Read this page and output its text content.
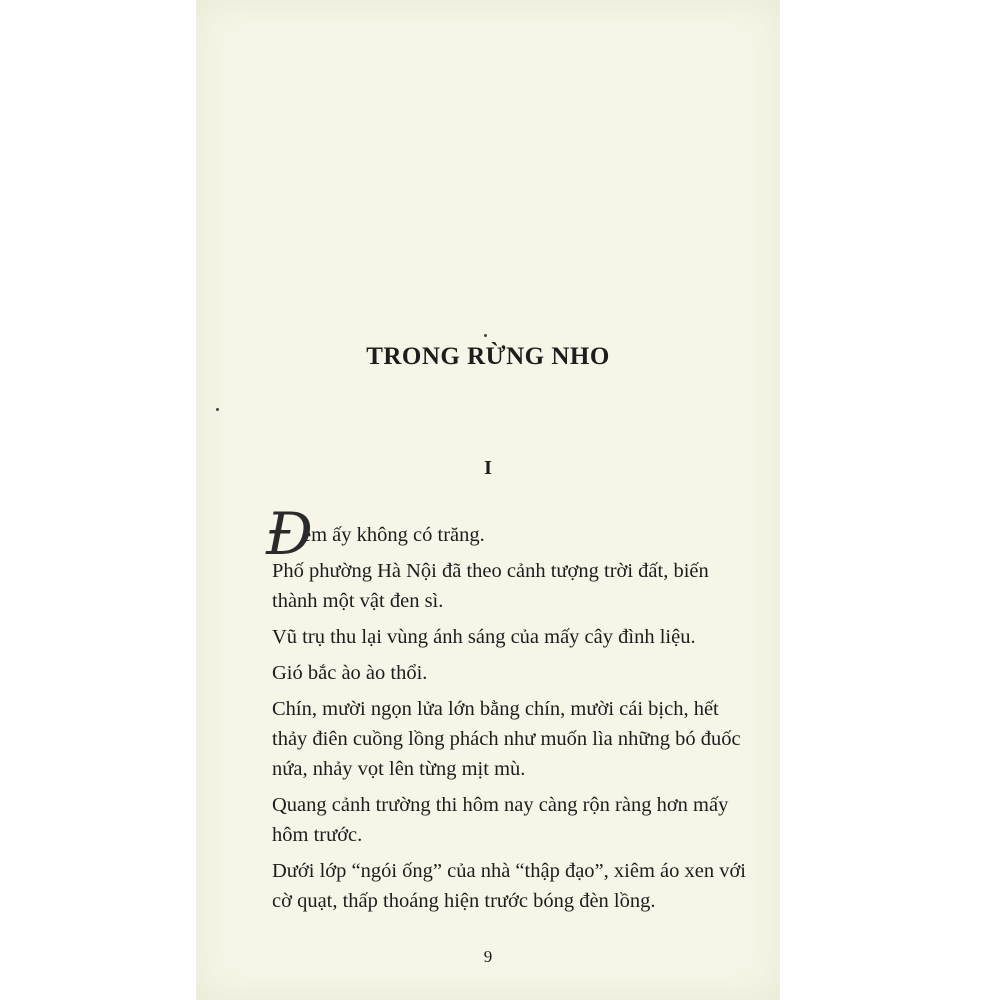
TRONG RỪNG NHO
I

Đ
êm ấy không có trăng.

Phố phường Hà Nội đã theo cảnh tượng trời đất, biến thành một vật đen sì.

Vũ trụ thu lại vùng ánh sáng của mấy cây đình liệu.

Gió bắc ào ào thổi.

Chín, mười ngọn lửa lớn bằng chín, mười cái bịch, hết thảy điên cuồng lồng phách như muốn lìa những bó đuốc nứa, nhảy vọt lên từng mịt mù.

Quang cảnh trường thi hôm nay càng rộn ràng hơn mấy hôm trước.

Dưới lớp “ngói ống” của nhà “thập đạo”, xiêm áo xen với cờ quạt, thấp thoáng hiện trước bóng đèn lồng.

9
